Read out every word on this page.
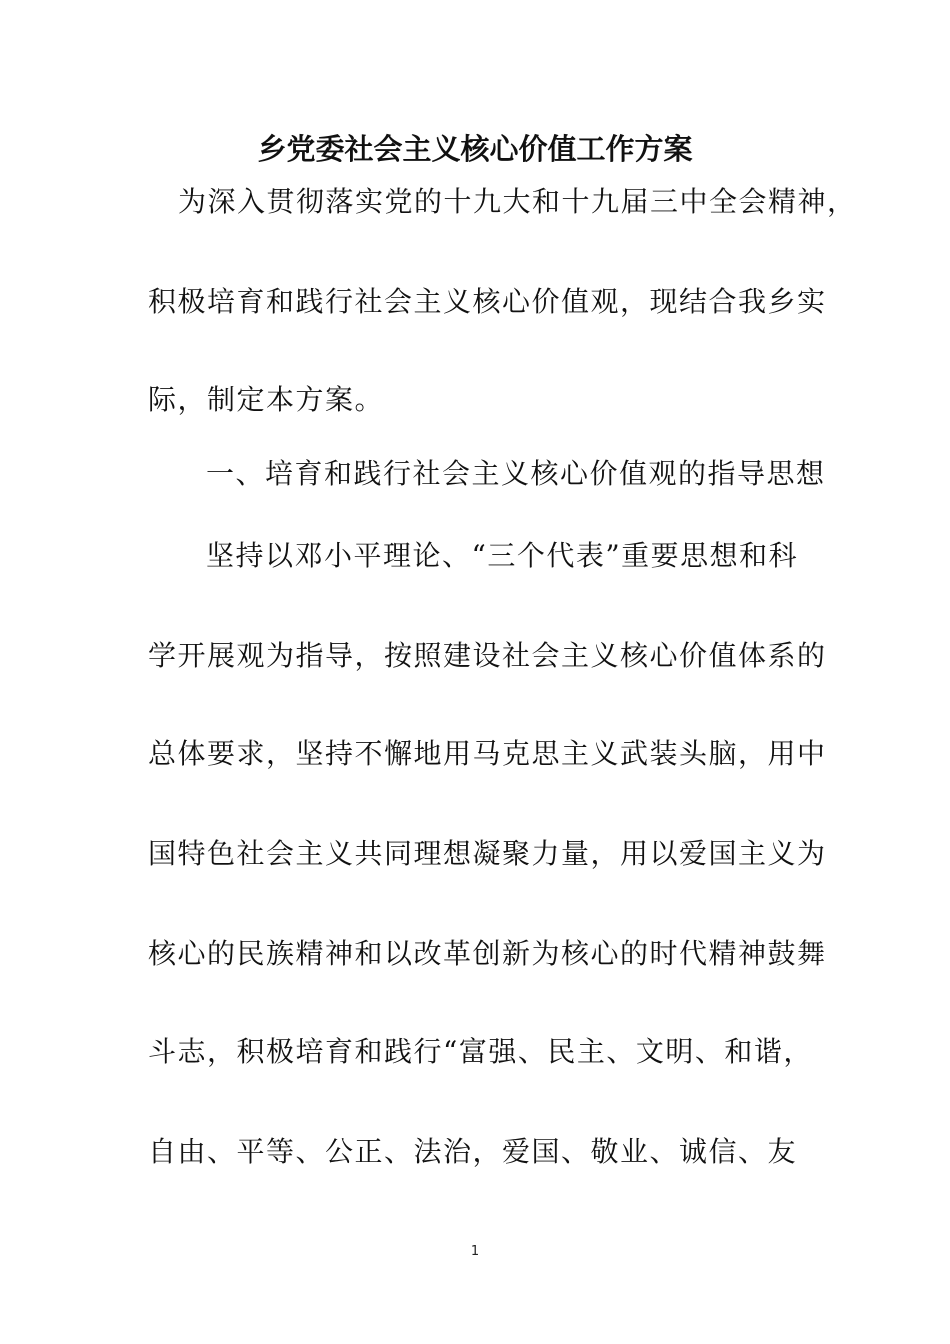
乡党委社会主义核心价值工作方案
为深入贯彻落实党的十九大和十九届三中全会精神，
积极培育和践行社会主义核心价值观，现结合我乡实
际，制定本方案。
一、培育和践行社会主义核心价值观的指导思想
坚持以邓小平理论、“三个代表”重要思想和科
学开展观为指导，按照建设社会主义核心价值体系的
总体要求，坚持不懈地用马克思主义武装头脑，用中
国特色社会主义共同理想凝聚力量，用以爱国主义为
核心的民族精神和以改革创新为核心的时代精神鼓舞
斗志，积极培育和践行“富强、民主、文明、和谐，
自由、平等、公正、法治，爱国、敬业、诚信、友
1
